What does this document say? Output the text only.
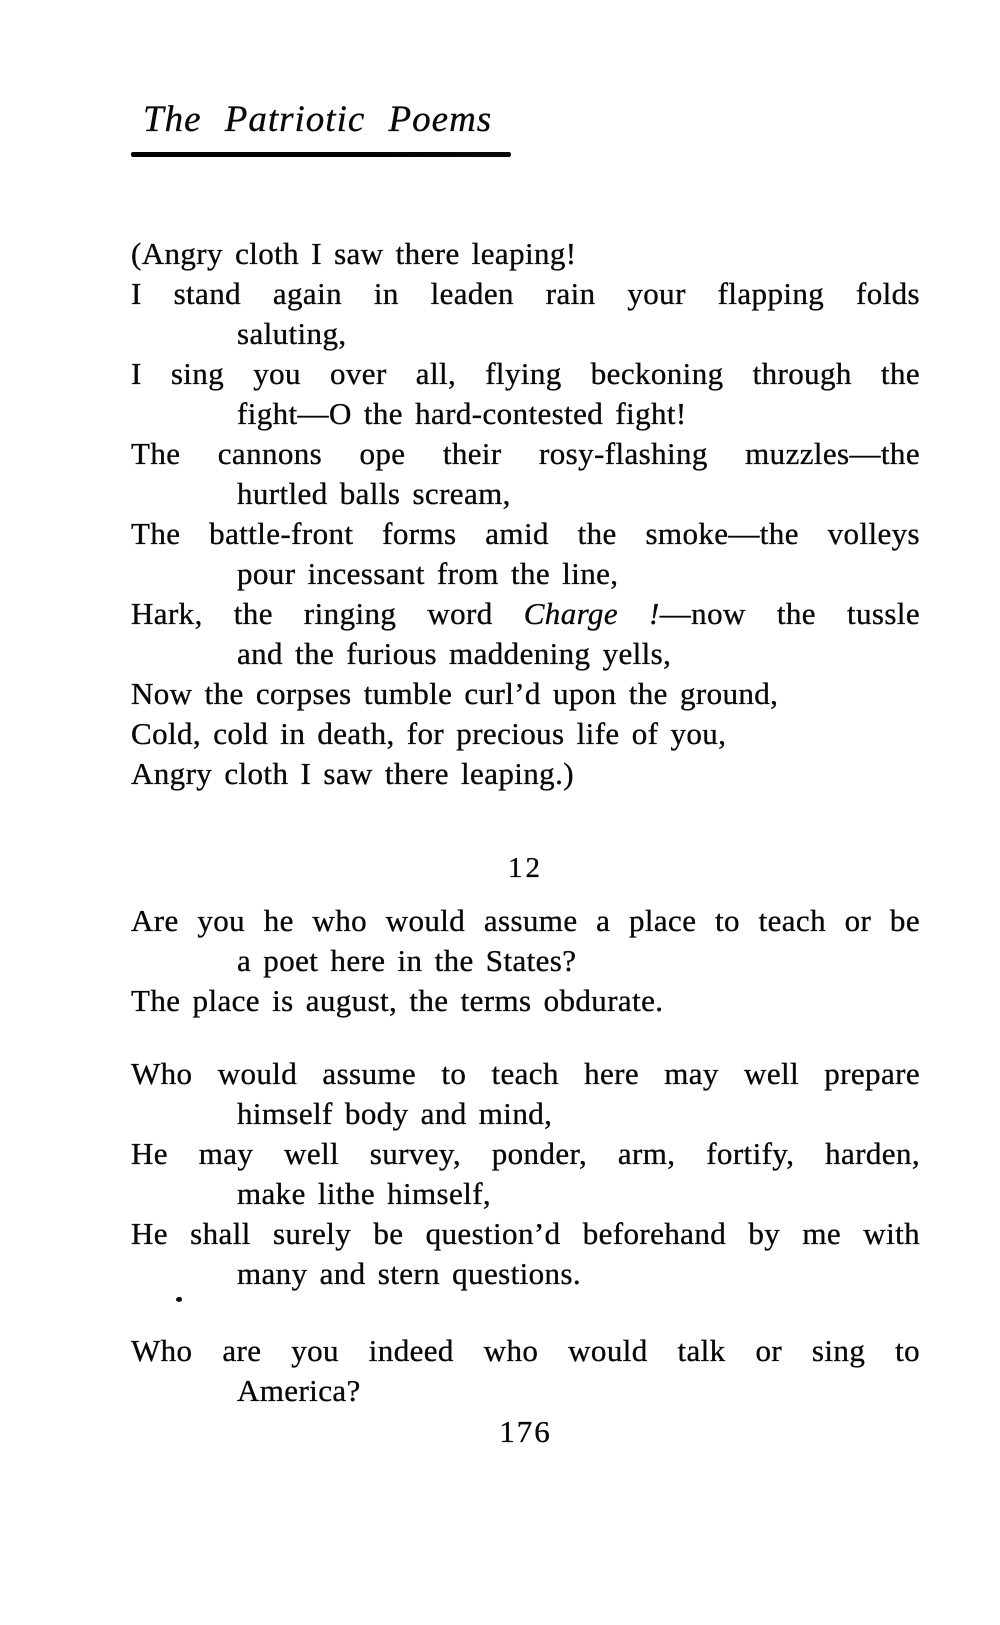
The Patriotic Poems
(Angry cloth I saw there leaping!
I stand again in leaden rain your flapping folds
saluting,
I sing you over all, flying beckoning through the
fight—O the hard-contested fight!
The cannons ope their rosy-flashing muzzles—the
hurtled balls scream,
The battle-front forms amid the smoke—the volleys
pour incessant from the line,
Hark, the ringing word Charge !—now the tussle
and the furious maddening yells,
Now the corpses tumble curl’d upon the ground,
Cold, cold in death, for precious life of you,
Angry cloth I saw there leaping.)
12
Are you he who would assume a place to teach or be
a poet here in the States?
The place is august, the terms obdurate.
Who would assume to teach here may well prepare
himself body and mind,
He may well survey, ponder, arm, fortify, harden,
make lithe himself,
He shall surely be question’d beforehand by me with
many and stern questions.
Who are you indeed who would talk or sing to
America?
176
